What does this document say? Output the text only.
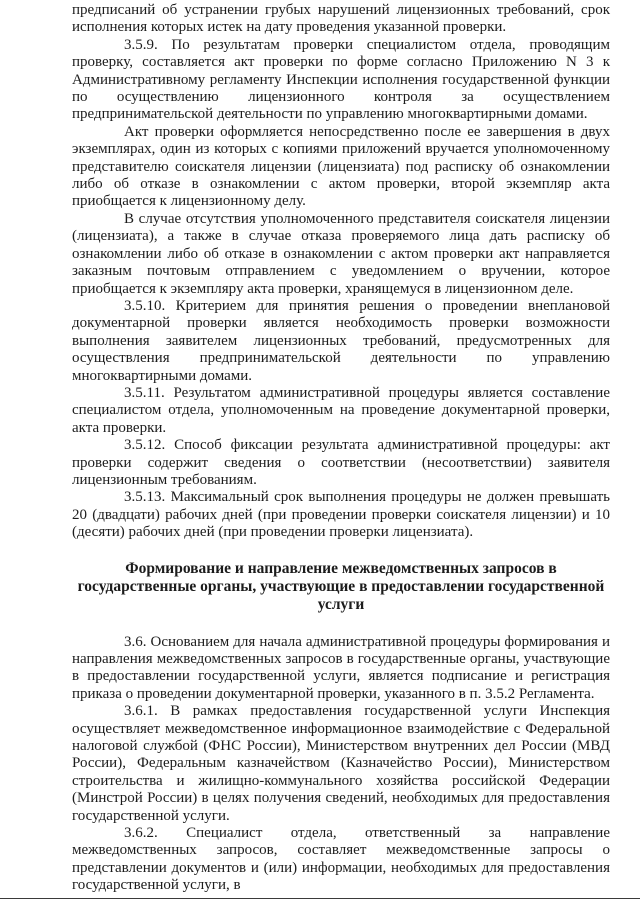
предписаний об устранении грубых нарушений лицензионных требований, срок исполнения которых истек на дату проведения указанной проверки.

3.5.9. По результатам проверки специалистом отдела, проводящим проверку, составляется акт проверки по форме согласно Приложению N 3 к Административному регламенту Инспекции исполнения государственной функции по осуществлению лицензионного контроля за осуществлением предпринимательской деятельности по управлению многоквартирными домами.

Акт проверки оформляется непосредственно после ее завершения в двух экземплярах, один из которых с копиями приложений вручается уполномоченному представителю соискателя лицензии (лицензиата) под расписку об ознакомлении либо об отказе в ознакомлении с актом проверки, второй экземпляр акта приобщается к лицензионному делу.

В случае отсутствия уполномоченного представителя соискателя лицензии (лицензиата), а также в случае отказа проверяемого лица дать расписку об ознакомлении либо об отказе в ознакомлении с актом проверки акт направляется заказным почтовым отправлением с уведомлением о вручении, которое приобщается к экземпляру акта проверки, хранящемуся в лицензионном деле.

3.5.10. Критерием для принятия решения о проведении внеплановой документарной проверки является необходимость проверки возможности выполнения заявителем лицензионных требований, предусмотренных для осуществления предпринимательской деятельности по управлению многоквартирными домами.

3.5.11. Результатом административной процедуры является составление специалистом отдела, уполномоченным на проведение документарной проверки, акта проверки.

3.5.12. Способ фиксации результата административной процедуры: акт проверки содержит сведения о соответствии (несоответствии) заявителя лицензионным требованиям.

3.5.13. Максимальный срок выполнения процедуры не должен превышать 20 (двадцати) рабочих дней (при проведении проверки соискателя лицензии) и 10 (десяти) рабочих дней (при проведении проверки лицензиата).

Формирование и направление межведомственных запросов в государственные органы, участвующие в предоставлении государственной услуги

3.6. Основанием для начала административной процедуры формирования и направления межведомственных запросов в государственные органы, участвующие в предоставлении государственной услуги, является подписание и регистрация приказа о проведении документарной проверки, указанного в п. 3.5.2 Регламента.

3.6.1. В рамках предоставления государственной услуги Инспекция осуществляет межведомственное информационное взаимодействие с Федеральной налоговой службой (ФНС России), Министерством внутренних дел России (МВД России), Федеральным казначейством (Казначейство России), Министерством строительства и жилищно-коммунального хозяйства российской Федерации (Минстрой России) в целях получения сведений, необходимых для предоставления государственной услуги.

3.6.2. Специалист отдела, ответственный за направление межведомственных запросов, составляет межведомственные запросы о представлении документов и (или) информации, необходимых для предоставления государственной услуги, в
